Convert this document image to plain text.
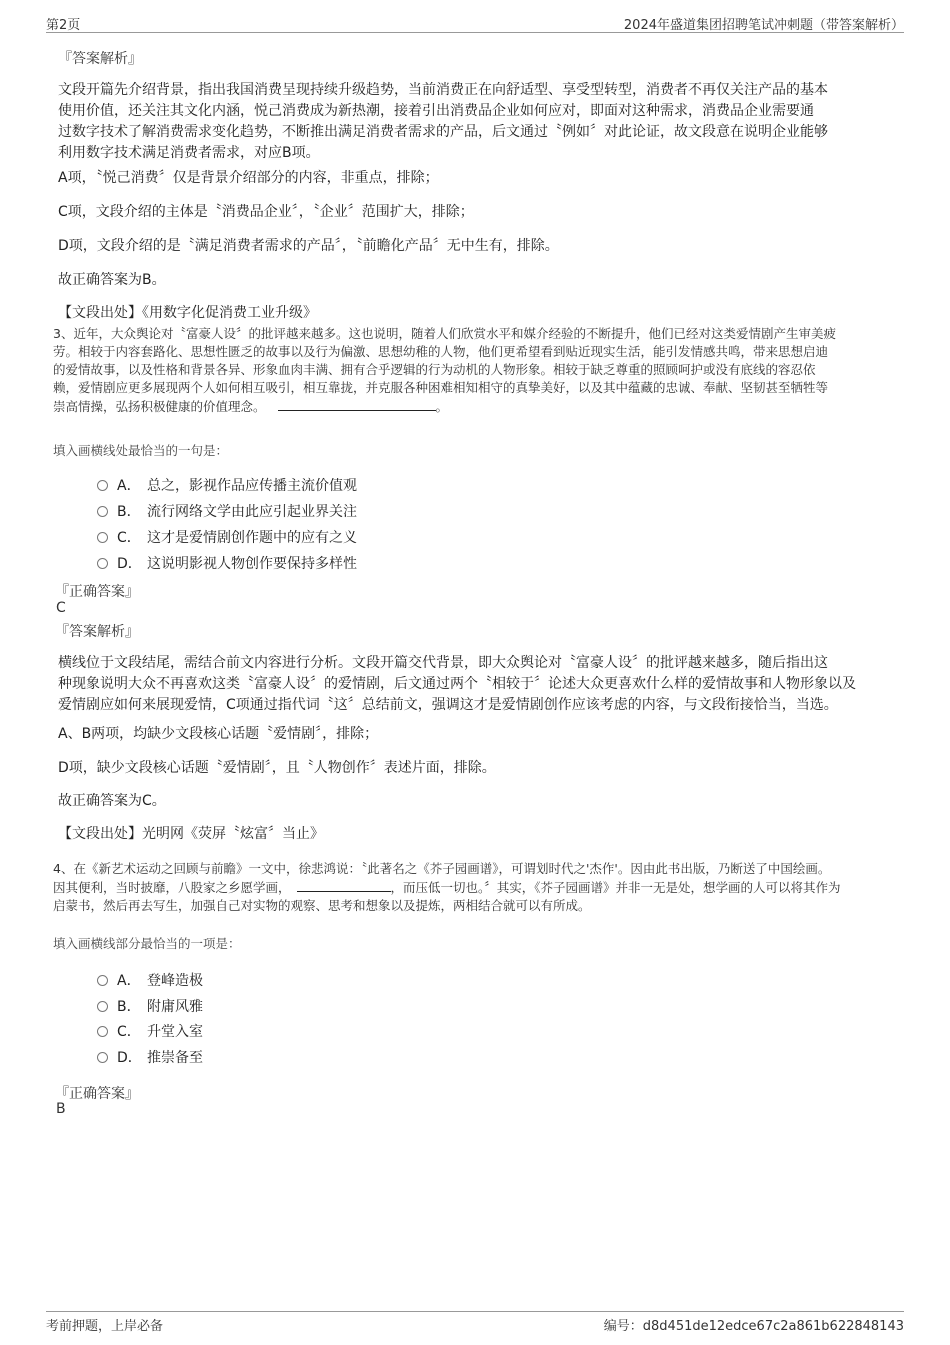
第2页	2024年盛道集团招聘笔试冲刺题（带答案解析）
『答案解析』
文段开篇先介绍背景，指出我国消费呈现持续升级趋势，当前消费正在向舒适型、享受型转型，消费者不再仅关注产品的基本
使用价值，还关注其文化内涵，悦己消费成为新热潮，接着引出消费品企业如何应对，即面对这种需求，消费品企业需要通
过数字技术了解消费需求变化趋势，不断推出满足消费者需求的产品，后文通过〝例如〞对此论证，故文段意在说明企业能够
利用数字技术满足消费者需求，对应B项。
A项，〝悦己消费〞仅是背景介绍部分的内容，非重点，排除；
C项，文段介绍的主体是〝消费品企业〞，〝企业〞范围扩大，排除；
D项，文段介绍的是〝满足消费者需求的产品〞，〝前瞻化产品〞无中生有，排除。
故正确答案为B。
【文段出处】《用数字化促消费工业升级》
3、近年，大众舆论对〝富豪人设〞的批评越来越多。这也说明，随着人们欣赏水平和媒介经验的不断提升，他们已经对这类爱情剧产生审美疲
劳。相较于内容套路化、思想性匮乏的故事以及行为偏激、思想幼稚的人物，他们更希望看到贴近现实生活，能引发情感共鸣，带来思想启迪
的爱情故事，以及性格和背景各异、形象血肉丰满、拥有合乎逻辑的行为动机的人物形象。相较于缺乏尊重的照顾呵护或没有底线的容忍依
赖，爱情剧应更多展现两个人如何相互吸引，相互靠拢，并克服各种困难相知相守的真挚美好，以及其中蕴藏的忠诚、奉献、坚韧甚至牺牲等
崇高情操，弘扬积极健康的价值理念。	。
填入画横线处最恰当的一句是：
A． 总之，影视作品应传播主流价值观
B． 流行网络文学由此应引起业界关注
C． 这才是爱情剧创作题中的应有之义
D． 这说明影视人物创作要保持多样性
『正确答案』
C
『答案解析』
横线位于文段结尾，需结合前文内容进行分析。文段开篇交代背景，即大众舆论对〝富豪人设〞的批评越来越多，随后指出这
种现象说明大众不再喜欢这类〝富豪人设〞的爱情剧，后文通过两个〝相较于〞论述大众更喜欢什么样的爱情故事和人物形象以及
爱情剧应如何来展现爱情，C项通过指代词〝这〞总结前文，强调这才是爱情剧创作应该考虑的内容，与文段衔接恰当，当选。
A、B两项，均缺少文段核心话题〝爱情剧〞，排除；
D项，缺少文段核心话题〝爱情剧〞，且〝人物创作〞表述片面，排除。
故正确答案为C。
【文段出处】光明网《荧屏〝炫富〞当止》
4、在《新艺术运动之回顾与前瞻》一文中，徐悲鸿说：〝此著名之《芥子园画谱》，可谓划时代之'杰作'。因由此书出版，乃断送了中国绘画。
因其便利，当时披靡，八股家之乡愿学画，	，而压低一切也。〞其实，《芥子园画谱》并非一无是处，想学画的人可以将其作为
启蒙书，然后再去写生，加强自己对实物的观察、思考和想象以及提炼，两相结合就可以有所成。
填入画横线部分最恰当的一项是：
A． 登峰造极
B． 附庸风雅
C． 升堂入室
D． 推崇备至
『正确答案』
B
考前押题，上岸必备	编号：d8d451de12edce67c2a861b622848143
